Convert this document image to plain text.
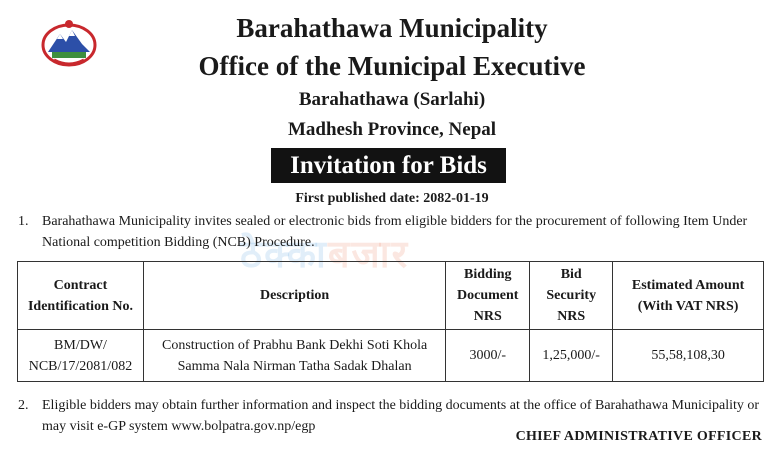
Barahathawa Municipality
Office of the Municipal Executive
Barahathawa (Sarlahi)
Madhesh Province, Nepal
Invitation for Bids
First published date: 2082-01-19
ठेक्काबजार
1. Barahathawa Municipality invites sealed or electronic bids from eligible bidders for the procurement of following Item Under National competition Bidding (NCB) Procedure.
Contract Identification No.	Description	Bidding Document NRS	Bid Security NRS	Estimated Amount (With VAT NRS)
BM/DW/ NCB/17/2081/082	Construction of Prabhu Bank Dekhi Soti Khola Samma Nala Nirman Tatha Sadak Dhalan	3000/-	1,25,000/-	55,58,108,30
2. Eligible bidders may obtain further information and inspect the bidding documents at the office of Barahathawa Municipality or may visit e-GP system www.bolpatra.gov.np/egp
CHIEF ADMINISTRATIVE OFFICER
